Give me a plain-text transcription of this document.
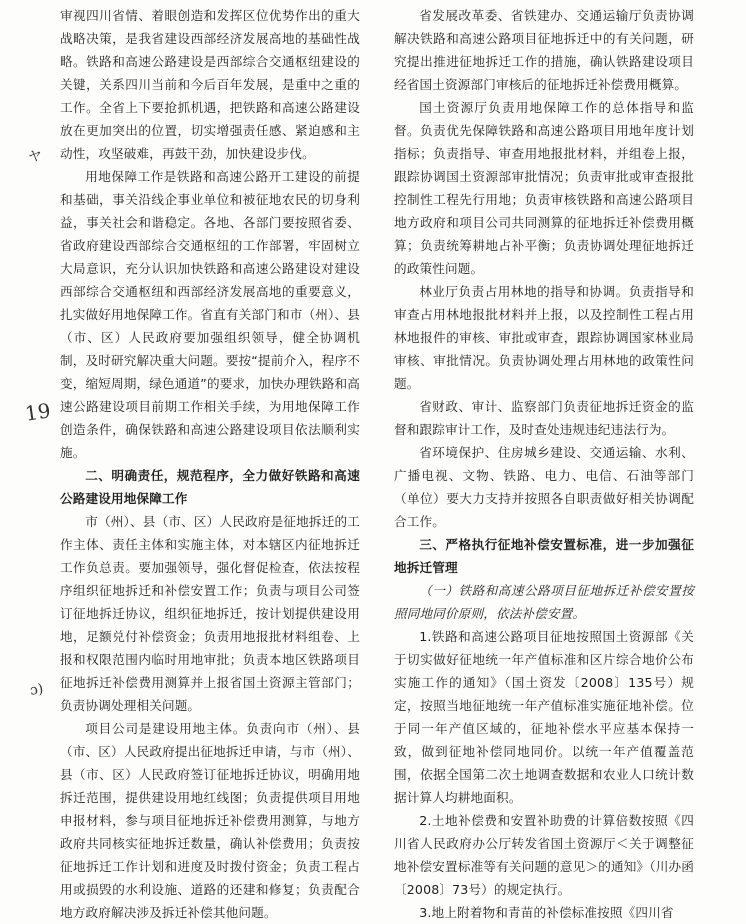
ヤ
19
ɔ)

审视四川省情、着眼创造和发挥区位优势作出的重大战略决策，是我省建设西部经济发展高地的基础性战略。铁路和高速公路建设是西部综合交通枢纽建设的关键，关系四川当前和今后百年发展，是重中之重的工作。全省上下要抢抓机遇，把铁路和高速公路建设放在更加突出的位置，切实增强责任感、紧迫感和主动性，攻坚破难，再鼓干劲，加快建设步伐。

用地保障工作是铁路和高速公路开工建设的前提和基础，事关沿线企事业单位和被征地农民的切身利益，事关社会和谐稳定。各地、各部门要按照省委、省政府建设西部综合交通枢纽的工作部署，牢固树立大局意识，充分认识加快铁路和高速公路建设对建设西部综合交通枢纽和西部经济发展高地的重要意义，扎实做好用地保障工作。省直有关部门和市（州）、县（市、区）人民政府要加强组织领导，健全协调机制，及时研究解决重大问题。要按“提前介入，程序不变，缩短周期，绿色通道”的要求，加快办理铁路和高速公路建设项目前期工作相关手续，为用地保障工作创造条件，确保铁路和高速公路建设项目依法顺利实施。

二、明确责任，规范程序，全力做好铁路和高速公路建设用地保障工作

市（州）、县（市、区）人民政府是征地拆迁的工作主体、责任主体和实施主体，对本辖区内征地拆迁工作负总责。要加强领导，强化督促检查，依法按程序组织征地拆迁和补偿安置工作；负责与项目公司签订征地拆迁协议，组织征地拆迁，按计划提供建设用地，足额兑付补偿资金；负责用地报批材料组卷、上报和权限范围内临时用地审批；负责本地区铁路项目征地拆迁补偿费用测算并上报省国土资源主管部门；负责协调处理相关问题。

项目公司是建设用地主体。负责向市（州）、县（市、区）人民政府提出征地拆迁申请，与市（州）、县（市、区）人民政府签订征地拆迁协议，明确用地拆迁范围，提供建设用地红线图；负责提供项目用地申报材料，参与项目征地拆迁补偿费用测算，与地方政府共同核实征地拆迁数量，确认补偿费用；负责按征地拆迁工作计划和进度及时拨付资金；负责工程占用或损毁的水利设施、道路的还建和修复；负责配合地方政府解决涉及拆迁补偿其他问题。

省发展改革委、省铁建办、交通运输厅负责协调解决铁路和高速公路项目征地拆迁中的有关问题，研究提出推进征地拆迁工作的措施，确认铁路建设项目经省国土资源部门审核后的征地拆迁补偿费用概算。

国土资源厅负责用地保障工作的总体指导和监督。负责优先保障铁路和高速公路项目用地年度计划指标；负责指导、审查用地报批材料，并组卷上报，跟踪协调国土资源部审批情况；负责审批或审查报批控制性工程先行用地；负责审核铁路和高速公路项目地方政府和项目公司共同测算的征地拆迁补偿费用概算；负责统筹耕地占补平衡；负责协调处理征地拆迁的政策性问题。

林业厅负责占用林地的指导和协调。负责指导和审查占用林地报批材料并上报，以及控制性工程占用林地报件的审核、审批或审查，跟踪协调国家林业局审核、审批情况。负责协调处理占用林地的政策性问题。

省财政、审计、监察部门负责征地拆迁资金的监督和跟踪审计工作，及时查处违规违纪违法行为。

省环境保护、住房城乡建设、交通运输、水利、广播电视、文物、铁路、电力、电信、石油等部门（单位）要大力支持并按照各自职责做好相关协调配合工作。

三、严格执行征地补偿安置标准，进一步加强征地拆迁管理

（一）铁路和高速公路项目征地拆迁补偿安置按照同地同价原则，依法补偿安置。

1.铁路和高速公路项目征地按照国土资源部《关于切实做好征地统一年产值标准和区片综合地价公布实施工作的通知》（国土资发〔2008〕135号）规定，按照当地征地统一年产值标准实施征地补偿。位于同一年产值区域的，征地补偿水平应基本保持一致，做到征地补偿同地同价。以统一年产值覆盖范围，依据全国第二次土地调查数据和农业人口统计数据计算人均耕地面积。

2.土地补偿费和安置补助费的计算倍数按照《四川省人民政府办公厅转发省国土资源厅＜关于调整征地补偿安置标准等有关问题的意见＞的通知》（川办函〔2008〕73号）的规定执行。

3.地上附着物和青苗的补偿标准按照《四川省
